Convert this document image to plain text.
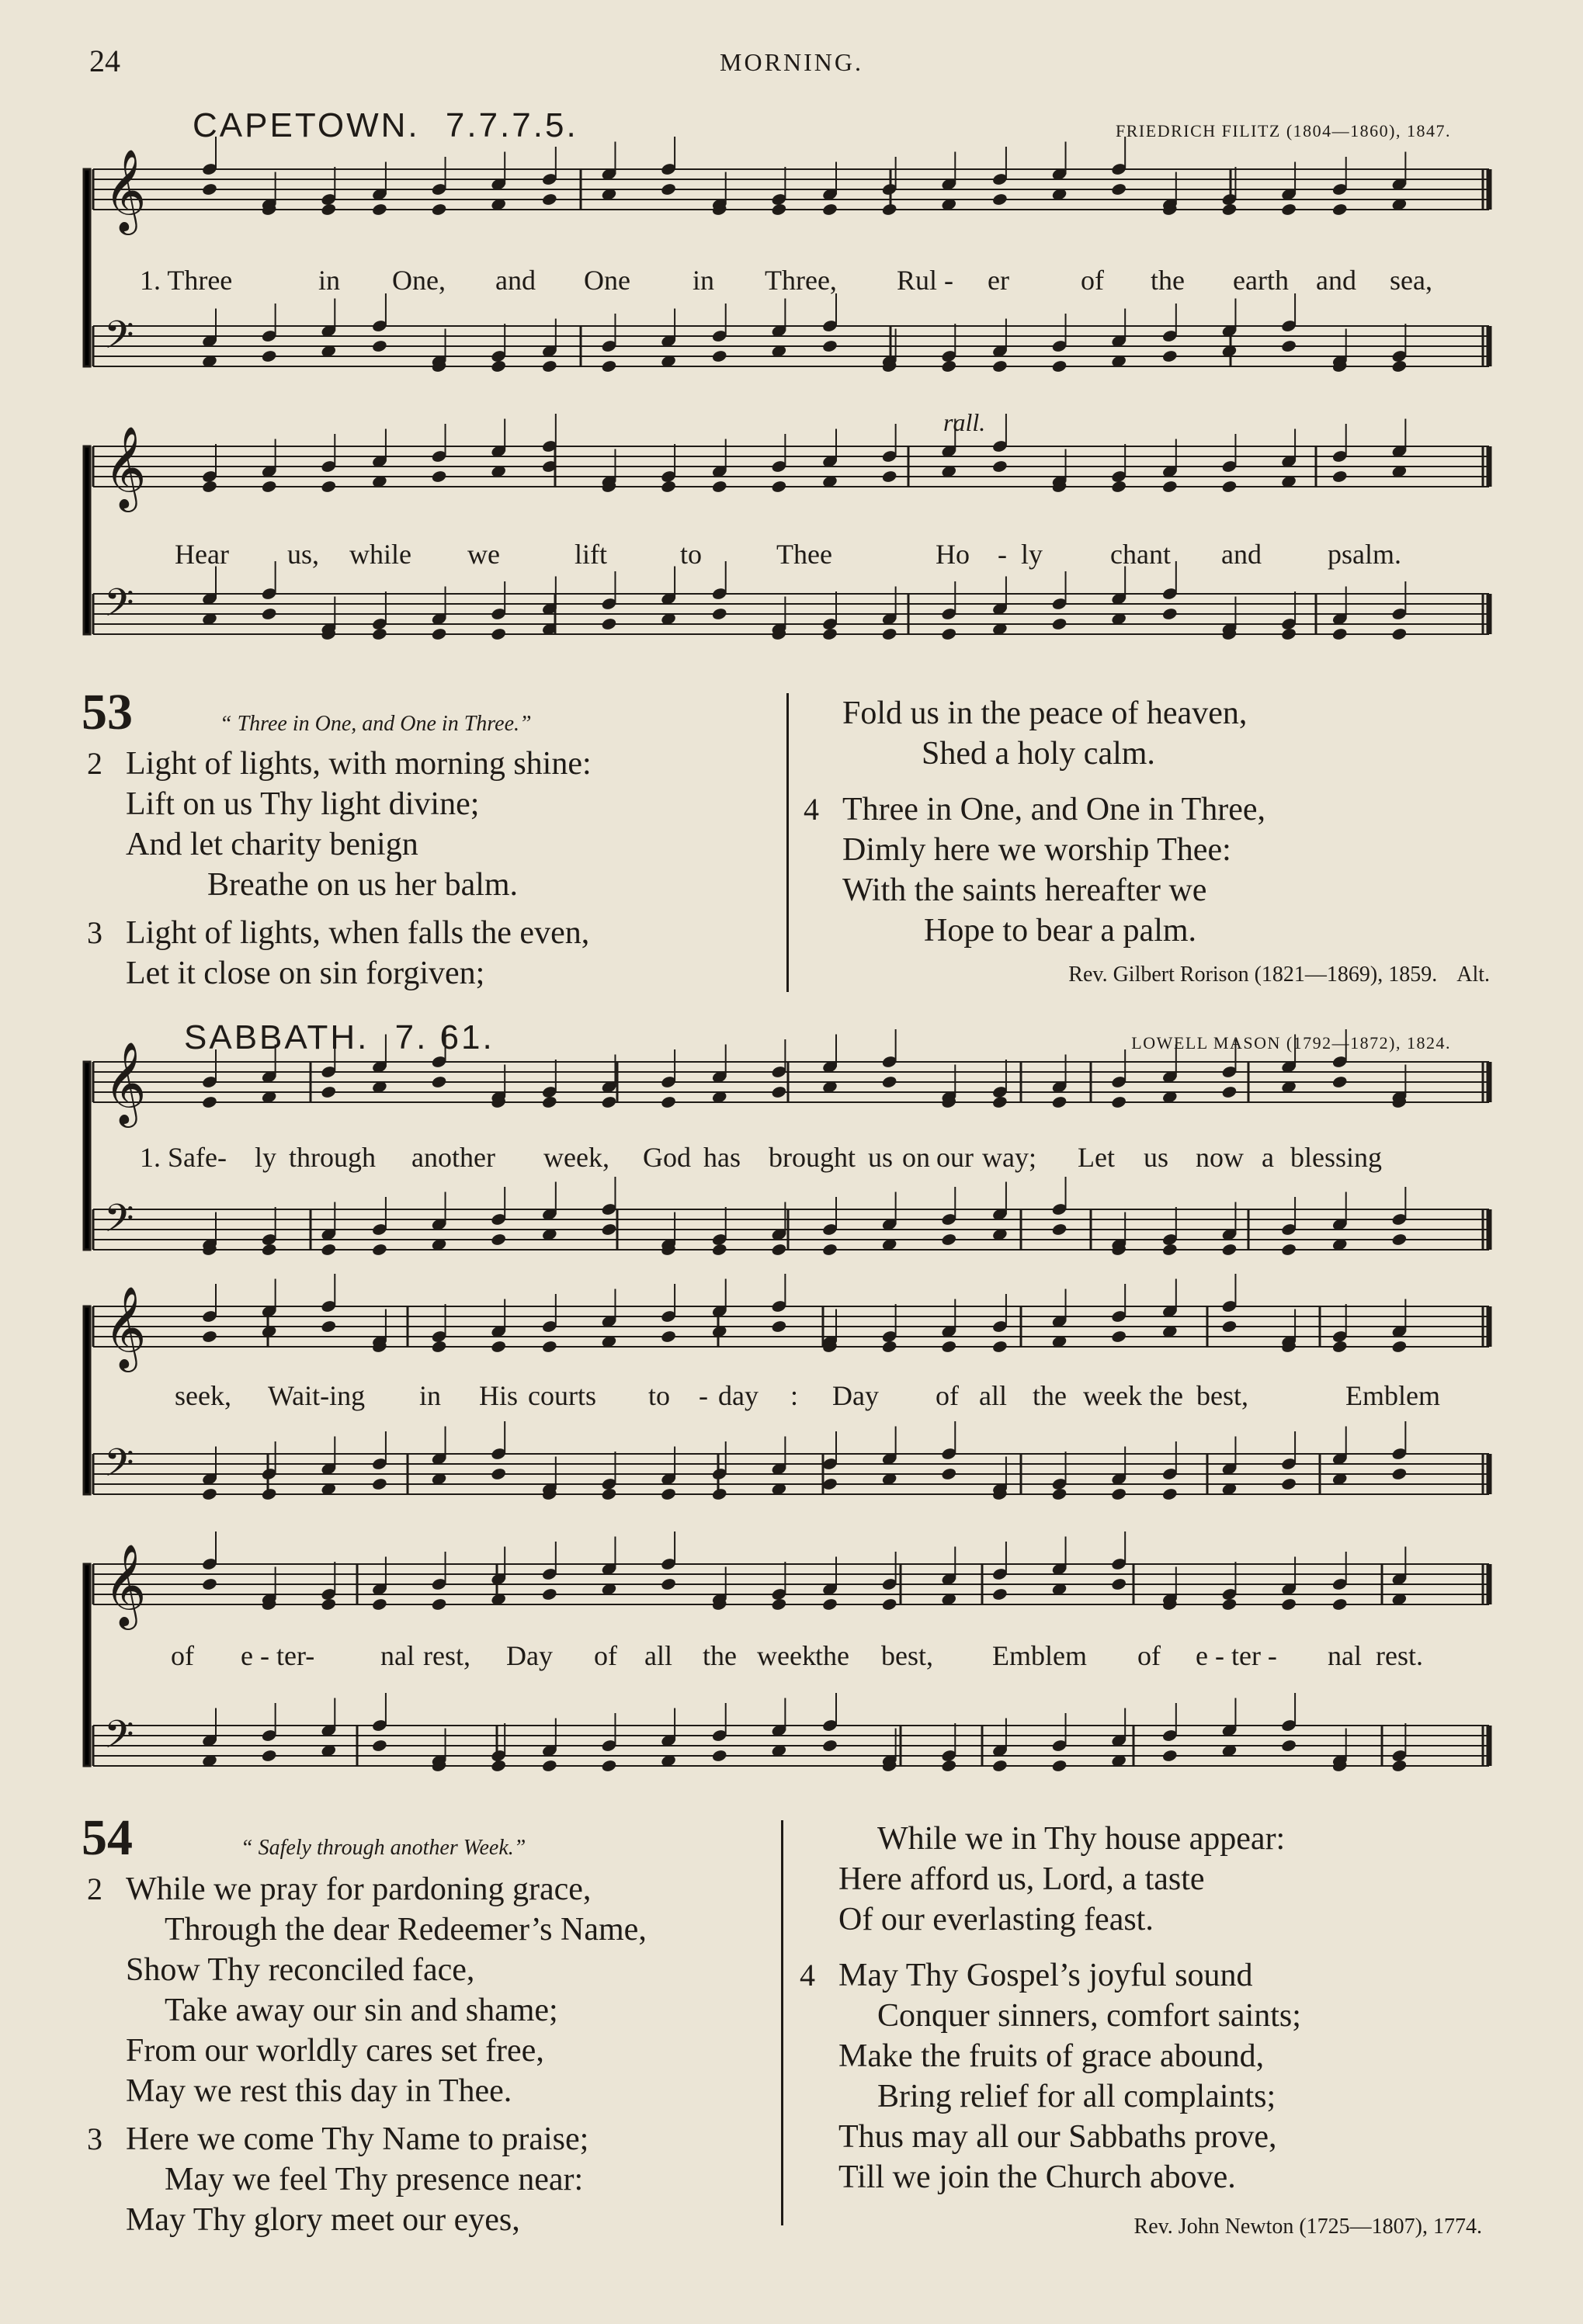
24	MORNING.
CAPETOWN. 7.7.7.5.	FRIEDRICH FILITZ (1804—1860), 1847.
𝄞
𝄢
𝄞
𝄢
𝄞
𝄢
𝄞
𝄢
𝄞
𝄢
1. Three	in One, and One in Three, Rul - er	of the earth and sea,
Hear us, while we	lift	to	Thee	Ho - ly chant and psalm.
rall.
53	“ Three in One, and One in Three.”
2 Light of lights, with morning shine:
Lift on us Thy light divine;
And let charity benign
Breathe on us her balm.
3 Light of lights, when falls the even,
Let it close on sin forgiven;
Fold us in the peace of heaven,
Shed a holy calm.
4 Three in One, and One in Three,
Dimly here we worship Thee:
With the saints hereafter we
Hope to bear a palm.
Rev. Gilbert Rorison (1821—1869), 1859. Alt.
SABBATH. 7. 61.	LOWELL MASON (1792—1872), 1824.
1. Safe- ly through another week, God has brought us on our way; Let us now a blessing
seek, Wait-ing in His courts to - day : Day of all the week the best,	Emblem
of e - ter- nal rest, Day of all the week the best, Emblem of e - ter - nal rest.
54	“ Safely through another Week.”
2 While we pray for pardoning grace,
Through the dear Redeemer’s Name,
Show Thy reconciled face,
Take away our sin and shame;
From our worldly cares set free,
May we rest this day in Thee.
3 Here we come Thy Name to praise;
May we feel Thy presence near:
May Thy glory meet our eyes,
While we in Thy house appear:
Here afford us, Lord, a taste
Of our everlasting feast.
4 May Thy Gospel’s joyful sound
Conquer sinners, comfort saints;
Make the fruits of grace abound,
Bring relief for all complaints;
Thus may all our Sabbaths prove,
Till we join the Church above.
Rev. John Newton (1725—1807), 1774.
